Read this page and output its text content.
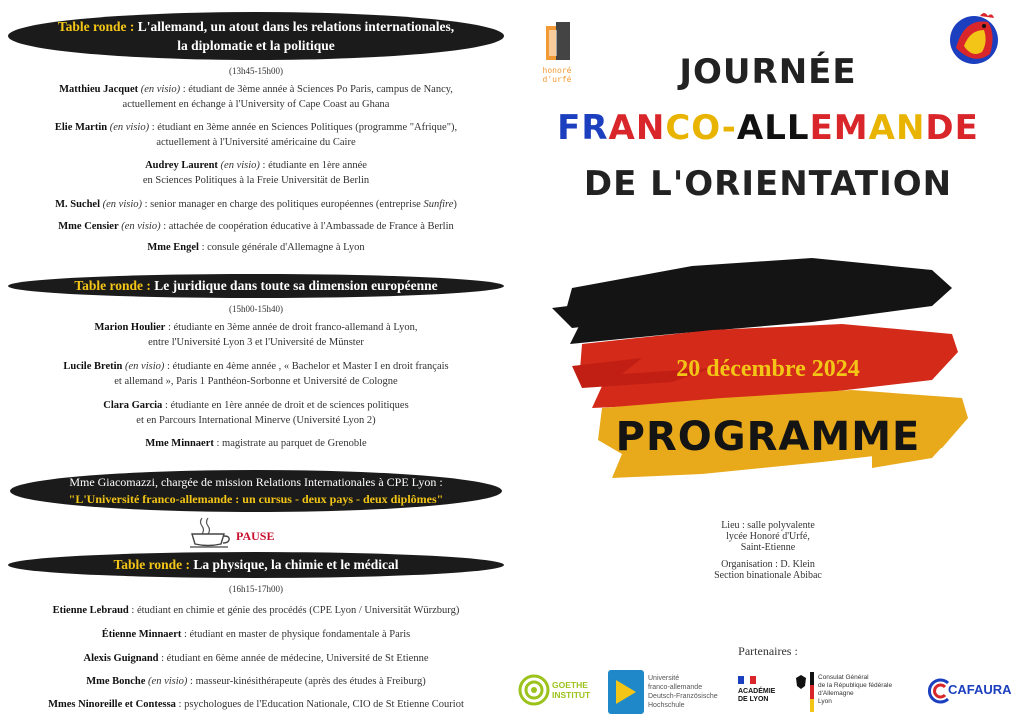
Table ronde : L'allemand, un atout dans les relations internationales,
la diplomatie et la politique
(13h45-15h00)
Matthieu Jacquet (en visio) : étudiant de 3ème année à Sciences Po Paris, campus de Nancy,
actuellement en échange à l'University of Cape Coast au Ghana
Elie Martin (en visio) : étudiant en 3ème année en Sciences Politiques (programme "Afrique"),
actuellement à l'Université américaine du Caire
Audrey Laurent (en visio) : étudiante en 1ère année
en Sciences Politiques à la Freie Universität de Berlin
M. Suchel (en visio) : senior manager en charge des politiques européennes (entreprise Sunfire)
Mme Censier (en visio) : attachée de coopération éducative à l'Ambassade de France à Berlin
Mme Engel : consule générale d'Allemagne à Lyon
Table ronde : Le juridique dans toute sa dimension européenne
(15h00-15h40)
Marion Houlier : étudiante en 3ème année de droit franco-allemand à Lyon,
entre l'Université Lyon 3 et l'Université de Münster
Lucile Bretin (en visio) : étudiante en 4ème année , « Bachelor et Master I en droit français
et allemand », Paris 1 Panthéon-Sorbonne et Université de Cologne
Clara Garcia : étudiante en 1ère année de droit et de sciences politiques
et en Parcours International Minerve (Université Lyon 2)
Mme Minnaert : magistrate au parquet de Grenoble
Mme Giacomazzi, chargée de mission Relations Internationales à CPE Lyon :
"L'Université franco-allemande : un cursus - deux pays - deux diplômes"
PAUSE
Table ronde : La physique, la chimie et le médical
(16h15-17h00)
Etienne Lebraud : étudiant en chimie et génie des procédés (CPE Lyon / Universität Würzburg)
Étienne Minnaert : étudiant en master de physique fondamentale à Paris
Alexis Guignand : étudiant en 6ème année de médecine, Université de St Etienne
Mme Bonche (en visio) : masseur-kinésithérapeute (après des études à Freiburg)
Mmes Ninoreille et Contessa : psychologues de l'Education Nationale, CIO de St Etienne Couriot
honoré d'urfé	JOURNÉE
FRANCO-ALLEMANDE
DE L'ORIENTATION
20 décembre 2024
PROGRAMME
Lieu : salle polyvalente
lycée Honoré d'Urfé,
Saint-Etienne
Organisation : D. Klein
Section binationale Abibac
Partenaires :
GOETHE INSTITUT
Université
franco-allemande
Deutsch-Französische
Hochschule
ACADÉMIE
DE LYON
Consulat Général
de la République fédérale d'Allemagne
Lyon
CAFAURA
